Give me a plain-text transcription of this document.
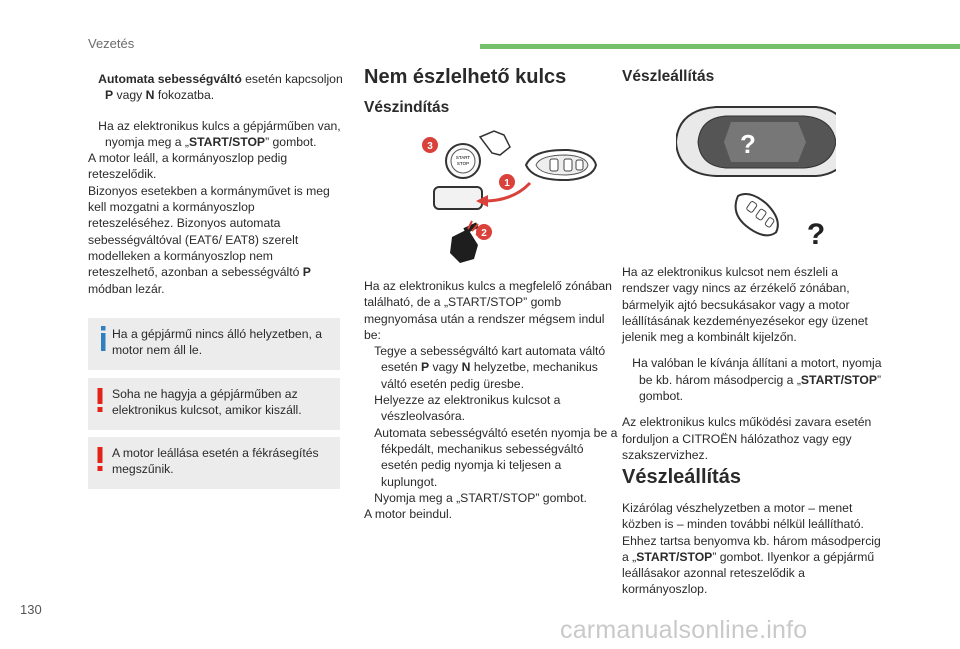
Vezetés

Automata sebességváltó esetén kapcsoljon P vagy N fokozatba.

Ha az elektronikus kulcs a gépjárműben van, nyomja meg a „START/STOP” gombot.

A motor leáll, a kormányoszlop pedig reteszelődik.

Bizonyos esetekben a kormányművet is meg kell mozgatni a kormányoszlop reteszeléséhez. Bizonyos automata sebességváltóval (EAT6/ EAT8) szerelt modelleken a kormányoszlop nem reteszelhető, azonban a sebességváltó P módban lezár.

Ha a gépjármű nincs álló helyzetben, a motor nem áll le.
Soha ne hagyja a gépjárműben az elektronikus kulcsot, amikor kiszáll.
A motor leállása esetén a fékrásegítés megszűnik.
Nem észlelhető kulcs
Vészindítás
START
STOP
3
1
2

Ha az elektronikus kulcs a megfelelő zónában található, de a „START/STOP” gomb megnyomása után a rendszer mégsem indul be:

Tegye a sebességváltó kart automata váltó esetén P vagy N helyzetbe, mechanikus váltó esetén pedig üresbe.

Helyezze az elektronikus kulcsot a vészleolvasóra.

Automata sebességváltó esetén nyomja be a fékpedált, mechanikus sebességváltó esetén pedig nyomja ki teljesen a kuplungot.

Nyomja meg a „START/STOP” gombot.

A motor beindul.

Vészleállítás
?
?

Ha az elektronikus kulcsot nem észleli a rendszer vagy nincs az érzékelő zónában, bármelyik ajtó becsukásakor vagy a motor leállításának kezdeményezésekor egy üzenet jelenik meg a kombinált kijelzőn.

Ha valóban le kívánja állítani a motort, nyomja be kb. három másodpercig a „START/STOP” gombot.

Az elektronikus kulcs működési zavara esetén forduljon a CITROËN hálózathoz vagy egy szakszervizhez.

Vészleállítás

Kizárólag vészhelyzetben a motor – menet közben is – minden további nélkül leállítható. Ehhez tartsa benyomva kb. három másodpercig a „START/STOP” gombot. Ilyenkor a gépjármű leállásakor azonnal reteszelődik a kormányoszlop.

130
carmanualsonline.info
